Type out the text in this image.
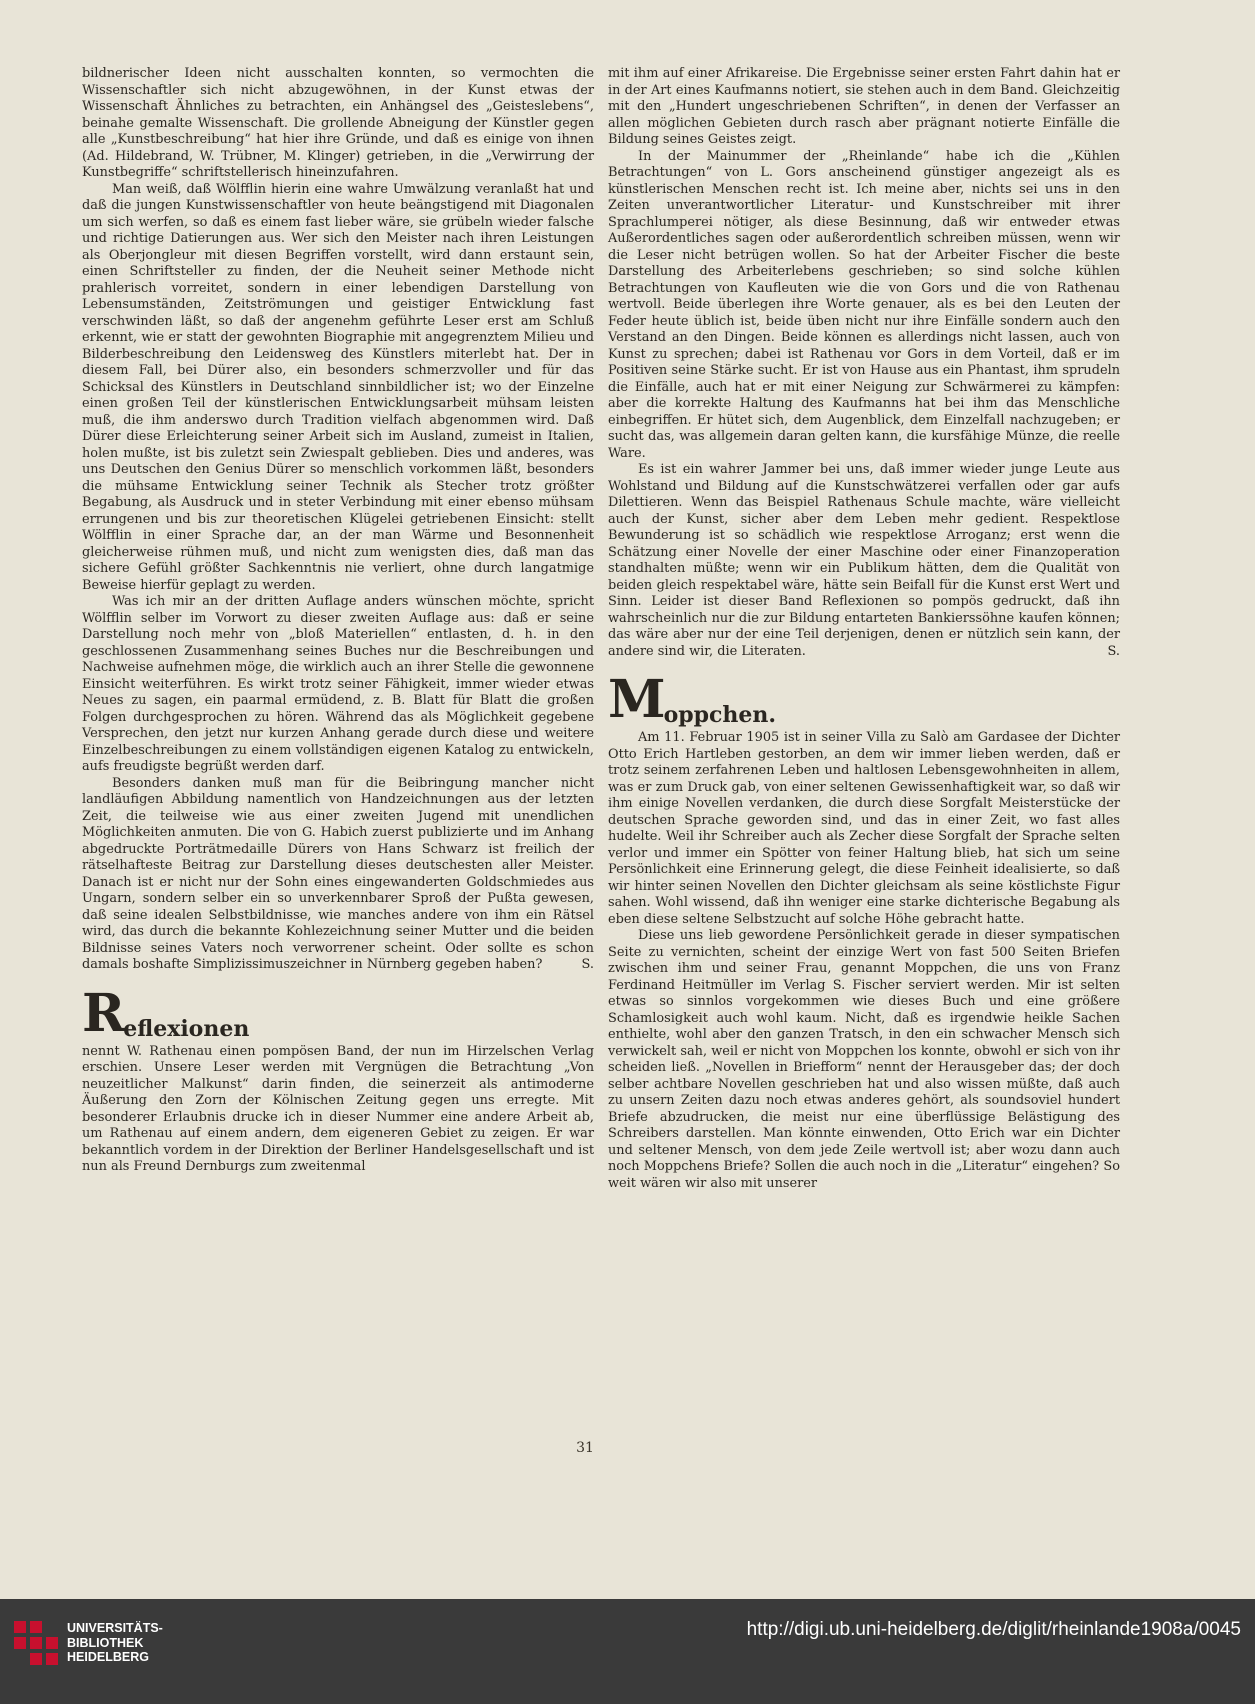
bildnerischer Ideen nicht ausschalten konnten, so vermochten die Wissenschaftler sich nicht abzugewöhnen, in der Kunst etwas der Wissenschaft Ähnliches zu betrachten, ein Anhängsel des „Geisteslebens“, beinahe gemalte Wissenschaft. Die grollende Abneigung der Künstler gegen alle „Kunstbeschreibung“ hat hier ihre Gründe, und daß es einige von ihnen (Ad. Hildebrand, W. Trübner, M. Klinger) getrieben, in die „Verwirrung der Kunstbegriffe“ schriftstellerisch hineinzufahren.

Man weiß, daß Wölfflin hierin eine wahre Umwälzung veranlaßt hat und daß die jungen Kunstwissenschaftler von heute beängstigend mit Diagonalen um sich werfen, so daß es einem fast lieber wäre, sie grübeln wieder falsche und richtige Datierungen aus. Wer sich den Meister nach ihren Leistungen als Oberjongleur mit diesen Begriffen vorstellt, wird dann erstaunt sein, einen Schriftsteller zu finden, der die Neuheit seiner Methode nicht prahlerisch vorreitet, sondern in einer lebendigen Darstellung von Lebensumständen, Zeitströmungen und geistiger Entwicklung fast verschwinden läßt, so daß der angenehm geführte Leser erst am Schluß erkennt, wie er statt der gewohnten Biographie mit angegrenztem Milieu und Bilderbeschreibung den Leidensweg des Künstlers miterlebt hat. Der in diesem Fall, bei Dürer also, ein besonders schmerzvoller und für das Schicksal des Künstlers in Deutschland sinnbildlicher ist; wo der Einzelne einen großen Teil der künstlerischen Entwicklungsarbeit mühsam leisten muß, die ihm anderswo durch Tradition vielfach abgenommen wird. Daß Dürer diese Erleichterung seiner Arbeit sich im Ausland, zumeist in Italien, holen mußte, ist bis zuletzt sein Zwiespalt geblieben. Dies und anderes, was uns Deutschen den Genius Dürer so menschlich vorkommen läßt, besonders die mühsame Entwicklung seiner Technik als Stecher trotz größter Begabung, als Ausdruck und in steter Verbindung mit einer ebenso mühsam errungenen und bis zur theoretischen Klügelei getriebenen Einsicht: stellt Wölfflin in einer Sprache dar, an der man Wärme und Besonnenheit gleicherweise rühmen muß, und nicht zum wenigsten dies, daß man das sichere Gefühl größter Sachkenntnis nie verliert, ohne durch langatmige Beweise hierfür geplagt zu werden.

Was ich mir an der dritten Auflage anders wünschen möchte, spricht Wölfflin selber im Vorwort zu dieser zweiten Auflage aus: daß er seine Darstellung noch mehr von „bloß Materiellen“ entlasten, d. h. in den geschlossenen Zusammenhang seines Buches nur die Beschreibungen und Nachweise aufnehmen möge, die wirklich auch an ihrer Stelle die gewonnene Einsicht weiterführen. Es wirkt trotz seiner Fähigkeit, immer wieder etwas Neues zu sagen, ein paarmal ermüdend, z. B. Blatt für Blatt die großen Folgen durchgesprochen zu hören. Während das als Möglichkeit gegebene Versprechen, den jetzt nur kurzen Anhang gerade durch diese und weitere Einzelbeschreibungen zu einem vollständigen eigenen Katalog zu entwickeln, aufs freudigste begrüßt werden darf.

Besonders danken muß man für die Beibringung mancher nicht landläufigen Abbildung namentlich von Handzeichnungen aus der letzten Zeit, die teilweise wie aus einer zweiten Jugend mit unendlichen Möglichkeiten anmuten. Die von G. Habich zuerst publizierte und im Anhang abgedruckte Porträtmedaille Dürers von Hans Schwarz ist freilich der rätselhafteste Beitrag zur Darstellung dieses deutschesten aller Meister. Danach ist er nicht nur der Sohn eines eingewanderten Goldschmiedes aus Ungarn, sondern selber ein so unverkennbarer Sproß der Pußta gewesen, daß seine idealen Selbstbildnisse, wie manches andere von ihm ein Rätsel wird, das durch die bekannte Kohlezeichnung seiner Mutter und die beiden Bildnisse seines Vaters noch verworrener scheint. Oder sollte es schon damals boshafte Simplizissimuszeichner in Nürnberg gegeben haben?	S.
Reflexionen

nennt W. Rathenau einen pompösen Band, der nun im Hirzelschen Verlag erschien. Unsere Leser werden mit Vergnügen die Betrachtung „Von neuzeitlicher Malkunst“ darin finden, die seinerzeit als antimoderne Äußerung den Zorn der Kölnischen Zeitung gegen uns erregte. Mit besonderer Erlaubnis drucke ich in dieser Nummer eine andere Arbeit ab, um Rathenau auf einem andern, dem eigeneren Gebiet zu zeigen. Er war bekanntlich vordem in der Direktion der Berliner Handelsgesellschaft und ist nun als Freund Dernburgs zum zweitenmal

mit ihm auf einer Afrikareise. Die Ergebnisse seiner ersten Fahrt dahin hat er in der Art eines Kaufmanns notiert, sie stehen auch in dem Band. Gleichzeitig mit den „Hundert ungeschriebenen Schriften“, in denen der Verfasser an allen möglichen Gebieten durch rasch aber prägnant notierte Einfälle die Bildung seines Geistes zeigt.

In der Mainummer der „Rheinlande“ habe ich die „Kühlen Betrachtungen“ von L. Gors anscheinend günstiger angezeigt als es künstlerischen Menschen recht ist. Ich meine aber, nichts sei uns in den Zeiten unverantwortlicher Literatur- und Kunstschreiber mit ihrer Sprachlumperei nötiger, als diese Besinnung, daß wir entweder etwas Außerordentliches sagen oder außerordentlich schreiben müssen, wenn wir die Leser nicht betrügen wollen. So hat der Arbeiter Fischer die beste Darstellung des Arbeiterlebens geschrieben; so sind solche kühlen Betrachtungen von Kaufleuten wie die von Gors und die von Rathenau wertvoll. Beide überlegen ihre Worte genauer, als es bei den Leuten der Feder heute üblich ist, beide üben nicht nur ihre Einfälle sondern auch den Verstand an den Dingen. Beide können es allerdings nicht lassen, auch von Kunst zu sprechen; dabei ist Rathenau vor Gors in dem Vorteil, daß er im Positiven seine Stärke sucht. Er ist von Hause aus ein Phantast, ihm sprudeln die Einfälle, auch hat er mit einer Neigung zur Schwärmerei zu kämpfen: aber die korrekte Haltung des Kaufmanns hat bei ihm das Menschliche einbegriffen. Er hütet sich, dem Augenblick, dem Einzelfall nachzugeben; er sucht das, was allgemein daran gelten kann, die kursfähige Münze, die reelle Ware.

Es ist ein wahrer Jammer bei uns, daß immer wieder junge Leute aus Wohlstand und Bildung auf die Kunstschwätzerei verfallen oder gar aufs Dilettieren. Wenn das Beispiel Rathenaus Schule machte, wäre vielleicht auch der Kunst, sicher aber dem Leben mehr gedient. Respektlose Bewunderung ist so schädlich wie respektlose Arroganz; erst wenn die Schätzung einer Novelle der einer Maschine oder einer Finanzoperation standhalten müßte; wenn wir ein Publikum hätten, dem die Qualität von beiden gleich respektabel wäre, hätte sein Beifall für die Kunst erst Wert und Sinn. Leider ist dieser Band Reflexionen so pompös gedruckt, daß ihn wahrscheinlich nur die zur Bildung entarteten Bankierssöhne kaufen können; das wäre aber nur der eine Teil derjenigen, denen er nützlich sein kann, der andere sind wir, die Literaten.	S.
Moppchen.

Am 11. Februar 1905 ist in seiner Villa zu Salò am Gardasee der Dichter Otto Erich Hartleben gestorben, an dem wir immer lieben werden, daß er trotz seinem zerfahrenen Leben und haltlosen Lebensgewohnheiten in allem, was er zum Druck gab, von einer seltenen Gewissenhaftigkeit war, so daß wir ihm einige Novellen verdanken, die durch diese Sorgfalt Meisterstücke der deutschen Sprache geworden sind, und das in einer Zeit, wo fast alles hudelte. Weil ihr Schreiber auch als Zecher diese Sorgfalt der Sprache selten verlor und immer ein Spötter von feiner Haltung blieb, hat sich um seine Persönlichkeit eine Erinnerung gelegt, die diese Feinheit idealisierte, so daß wir hinter seinen Novellen den Dichter gleichsam als seine köstlichste Figur sahen. Wohl wissend, daß ihn weniger eine starke dichterische Begabung als eben diese seltene Selbstzucht auf solche Höhe gebracht hatte.

Diese uns lieb gewordene Persönlichkeit gerade in dieser sympatischen Seite zu vernichten, scheint der einzige Wert von fast 500 Seiten Briefen zwischen ihm und seiner Frau, genannt Moppchen, die uns von Franz Ferdinand Heitmüller im Verlag S. Fischer serviert werden. Mir ist selten etwas so sinnlos vorgekommen wie dieses Buch und eine größere Schamlosigkeit auch wohl kaum. Nicht, daß es irgendwie heikle Sachen enthielte, wohl aber den ganzen Tratsch, in den ein schwacher Mensch sich verwickelt sah, weil er nicht von Moppchen los konnte, obwohl er sich von ihr scheiden ließ. „Novellen in Briefform“ nennt der Herausgeber das; der doch selber achtbare Novellen geschrieben hat und also wissen müßte, daß auch zu unsern Zeiten dazu noch etwas anderes gehört, als soundsoviel hundert Briefe abzudrucken, die meist nur eine überflüssige Belästigung des Schreibers darstellen. Man könnte einwenden, Otto Erich war ein Dichter und seltener Mensch, von dem jede Zeile wertvoll ist; aber wozu dann auch noch Moppchens Briefe? Sollen die auch noch in die „Literatur“ eingehen? So weit wären wir also mit unserer

31
UNIVERSITÄTS-
BIBLIOTHEK
HEIDELBERG
http://digi.ub.uni-heidelberg.de/diglit/rheinlande1908a/0045
